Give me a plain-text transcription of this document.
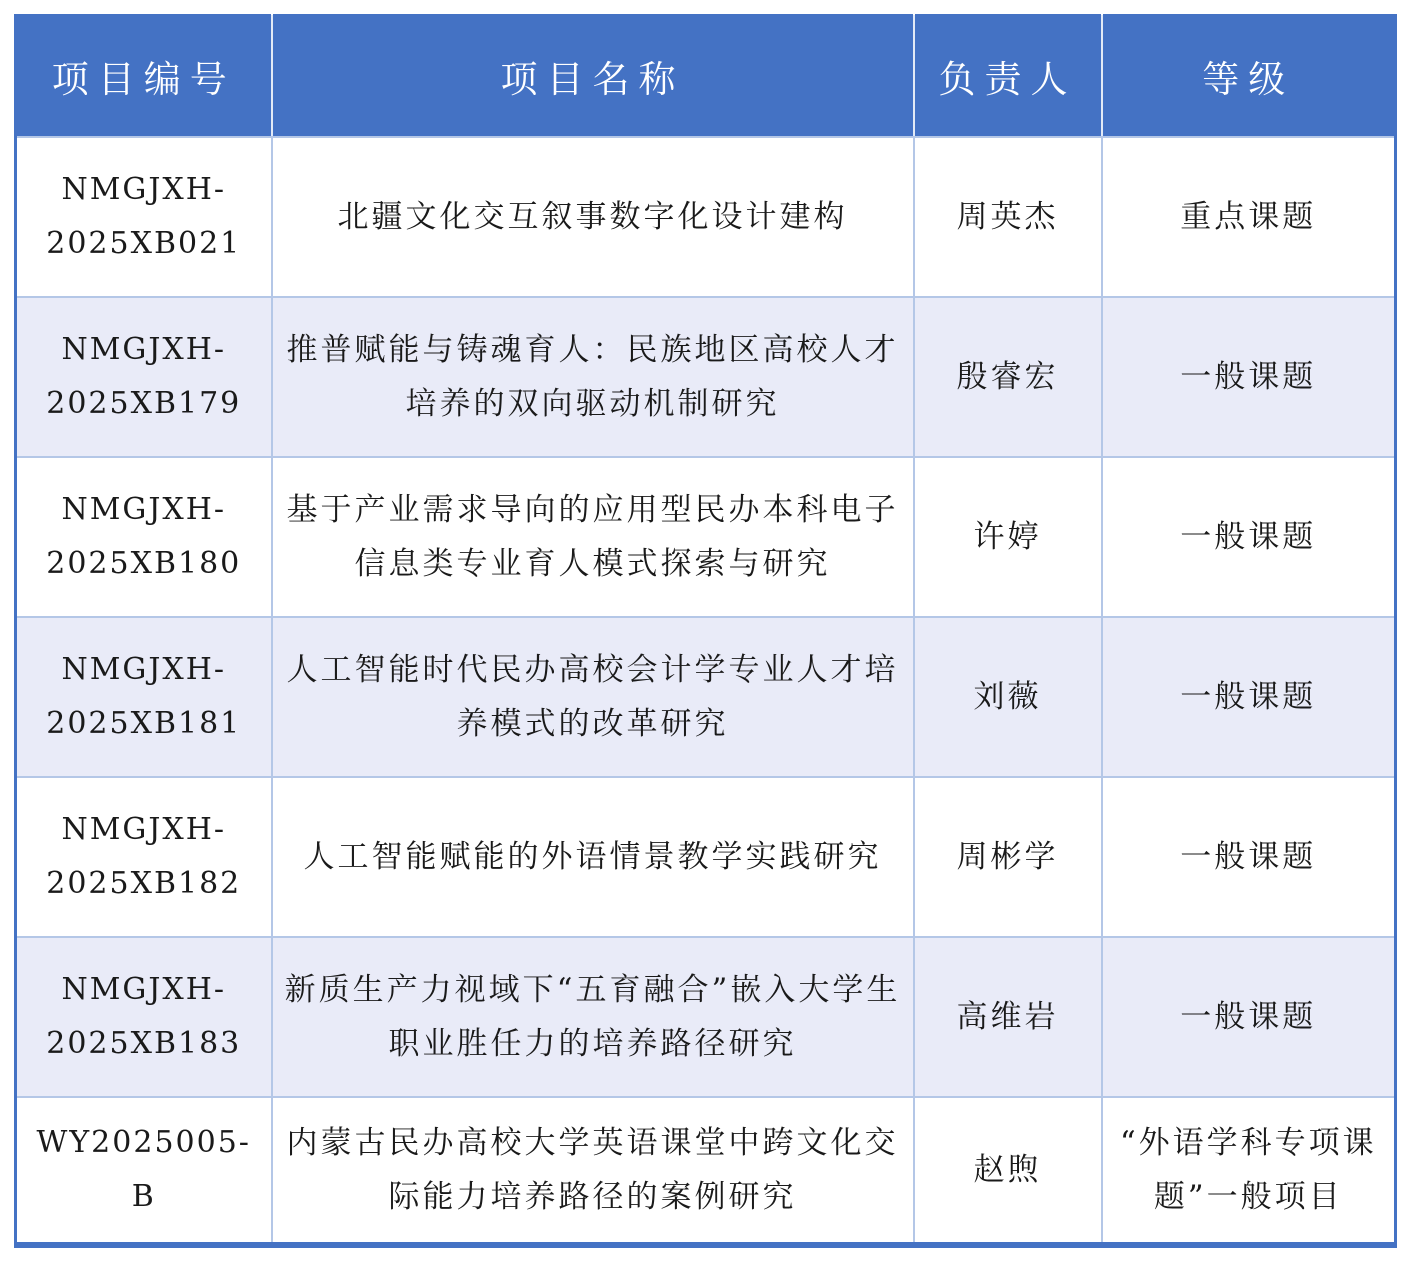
项目编号	项目名称	负责人	等级
NMGJXH-2025XB021	北疆文化交互叙事数字化设计建构	周英杰	重点课题
NMGJXH-2025XB179	推普赋能与铸魂育人：民族地区高校人才培养的双向驱动机制研究	殷睿宏	一般课题
NMGJXH-2025XB180	基于产业需求导向的应用型民办本科电子信息类专业育人模式探索与研究	许婷	一般课题
NMGJXH-2025XB181	人工智能时代民办高校会计学专业人才培养模式的改革研究	刘薇	一般课题
NMGJXH-2025XB182	人工智能赋能的外语情景教学实践研究	周彬学	一般课题
NMGJXH-2025XB183	新质生产力视域下“五育融合”嵌入大学生职业胜任力的培养路径研究	高维岩	一般课题
WY2025005-B	内蒙古民办高校大学英语课堂中跨文化交际能力培养路径的案例研究	赵煦	“外语学科专项课题”一般项目
